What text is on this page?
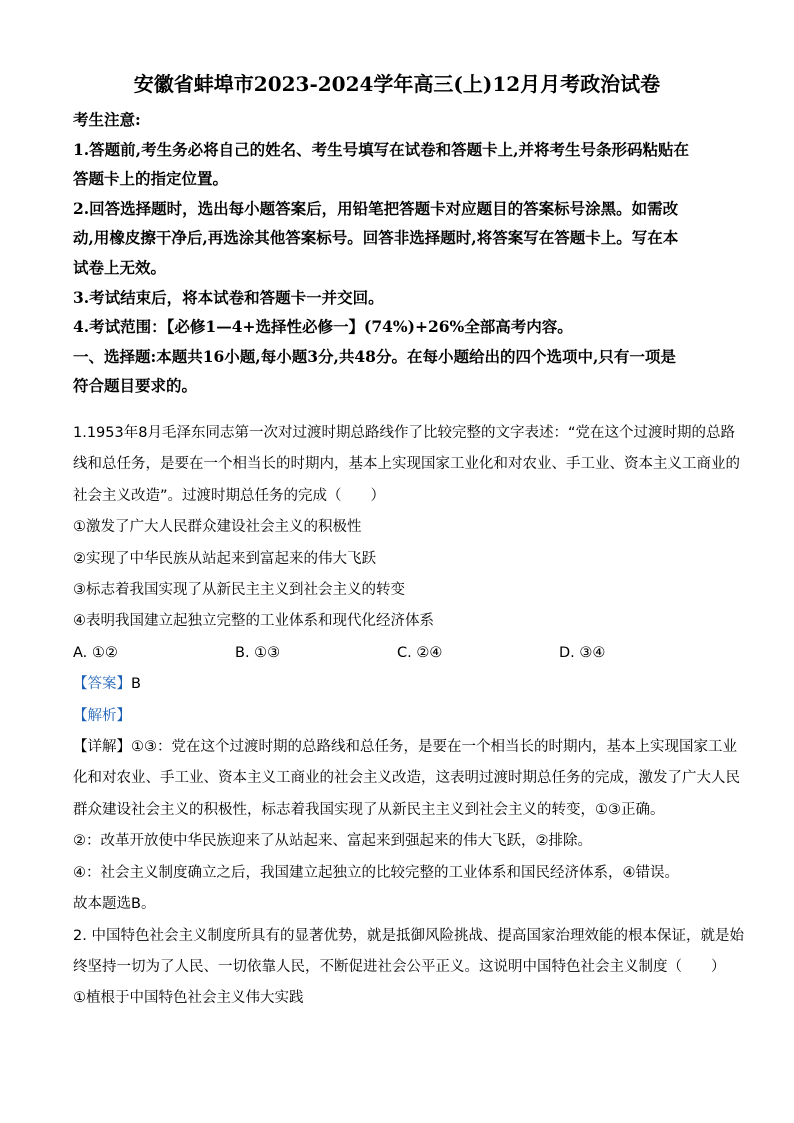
安徽省蚌埠市2023-2024学年高三(上)12月月考政治试卷

考生注意:

1.答题前,考生务必将自己的姓名、考生号填写在试卷和答题卡上,并将考生号条形码粘贴在

答题卡上的指定位置。

2.回答选择题时，选出每小题答案后，用铅笔把答题卡对应题目的答案标号涂黑。如需改

动,用橡皮擦干净后,再选涂其他答案标号。回答非选择题时,将答案写在答题卡上。写在本

试卷上无效。

3.考试结束后，将本试卷和答题卡一并交回。

4.考试范围：【必修1—4+选择性必修一】(74%)+26%全部高考内容。

一、选择题:本题共16小题,每小题3分,共48分。在每小题给出的四个选项中,只有一项是

符合题目要求的。

1.1953年8月毛泽东同志第一次对过渡时期总路线作了比较完整的文字表述：“党在这个过渡时期的总路

线和总任务，是要在一个相当长的时期内，基本上实现国家工业化和对农业、手工业、资本主义工商业的

社会主义改造”。过渡时期总任务的完成（　　）

①激发了广大人民群众建设社会主义的积极性

②实现了中华民族从站起来到富起来的伟大飞跃

③标志着我国实现了从新民主主义到社会主义的转变

④表明我国建立起独立完整的工业体系和现代化经济体系

A. ①②	B. ①③	C. ②④	D. ③④

【答案】B

【解析】

【详解】①③：党在这个过渡时期的总路线和总任务，是要在一个相当长的时期内，基本上实现国家工业

化和对农业、手工业、资本主义工商业的社会主义改造，这表明过渡时期总任务的完成，激发了广大人民

群众建设社会主义的积极性，标志着我国实现了从新民主主义到社会主义的转变，①③正确。

②：改革开放使中华民族迎来了从站起来、富起来到强起来的伟大飞跃，②排除。

④：社会主义制度确立之后，我国建立起独立的比较完整的工业体系和国民经济体系，④错误。

故本题选B。

2. 中国特色社会主义制度所具有的显著优势，就是抵御风险挑战、提高国家治理效能的根本保证，就是始

终坚持一切为了人民、一切依靠人民，不断促进社会公平正义。这说明中国特色社会主义制度（　　）

①植根于中国特色社会主义伟大实践
